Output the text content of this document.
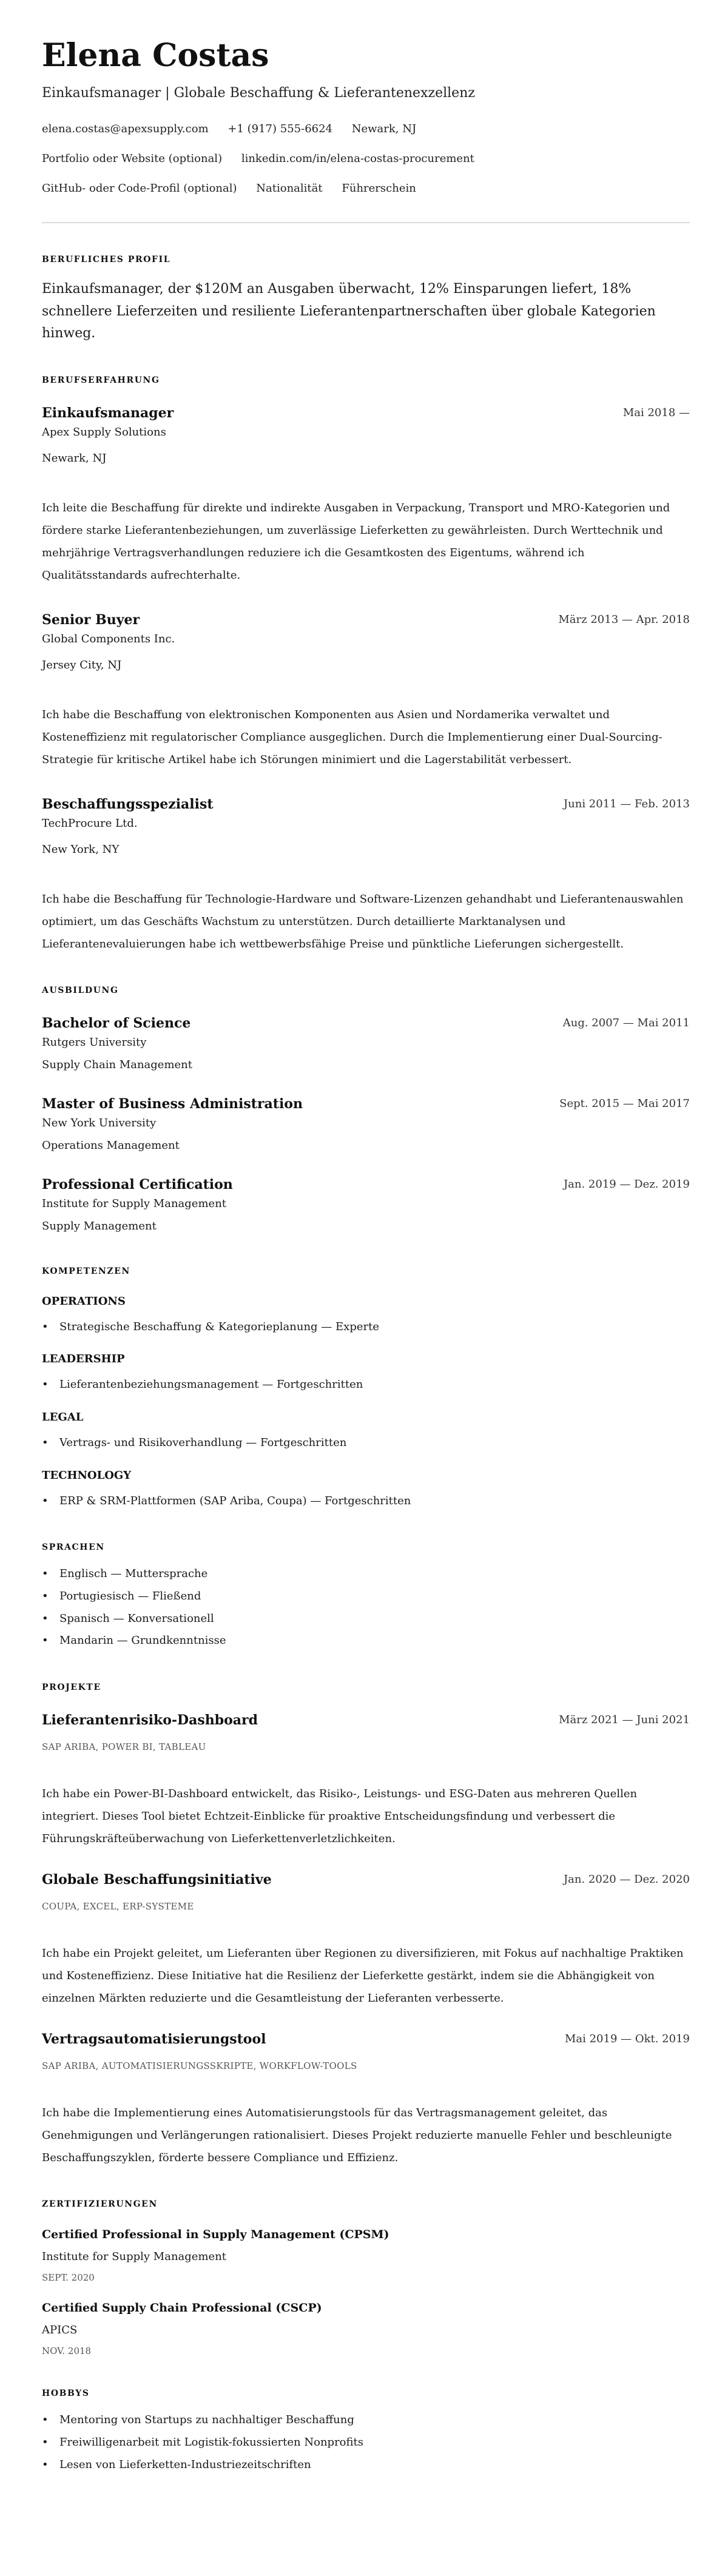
Elena Costas
Einkaufsmanager | Globale Beschaffung & Lieferantenexzellenz
elena.costas@apexsupply.com +1 (917) 555-6624 Newark, NJ
Portfolio oder Website (optional) linkedin.com/in/elena-costas-procurement
GitHub- oder Code-Profil (optional) Nationalität Führerschein
BERUFLICHES PROFIL

Einkaufsmanager, der $120M an Ausgaben überwacht, 12% Einsparungen liefert, 18% schnellere Lieferzeiten und resiliente Lieferantenpartnerschaften über globale Kategorien hinweg.

BERUFSERFAHRUNG
Einkaufsmanager	Mai 2018 —
Apex Supply Solutions
Newark, NJ
Ich leite die Beschaffung für direkte und indirekte Ausgaben in Verpackung, Transport und MRO-Kategorien und fördere starke Lieferantenbeziehungen, um zuverlässige Lieferketten zu gewährleisten. Durch Werttechnik und mehrjährige Vertragsverhandlungen reduziere ich die Gesamtkosten des Eigentums, während ich Qualitätsstandards aufrechterhalte.
Senior Buyer	März 2013 — Apr. 2018
Global Components Inc.
Jersey City, NJ
Ich habe die Beschaffung von elektronischen Komponenten aus Asien und Nordamerika verwaltet und Kosteneffizienz mit regulatorischer Compliance ausgeglichen. Durch die Implementierung einer Dual-Sourcing-Strategie für kritische Artikel habe ich Störungen minimiert und die Lagerstabilität verbessert.
Beschaffungsspezialist	Juni 2011 — Feb. 2013
TechProcure Ltd.
New York, NY
Ich habe die Beschaffung für Technologie-Hardware und Software-Lizenzen gehandhabt und Lieferantenauswahlen optimiert, um das Geschäfts Wachstum zu unterstützen. Durch detaillierte Marktanalysen und Lieferantenevaluierungen habe ich wettbewerbsfähige Preise und pünktliche Lieferungen sichergestellt.
AUSBILDUNG
Bachelor of Science	Aug. 2007 — Mai 2011
Rutgers University
Supply Chain Management
Master of Business Administration	Sept. 2015 — Mai 2017
New York University
Operations Management
Professional Certification	Jan. 2019 — Dez. 2019
Institute for Supply Management
Supply Management
KOMPETENZEN
OPERATIONS
• Strategische Beschaffung & Kategorieplanung — Experte
LEADERSHIP
• Lieferantenbeziehungsmanagement — Fortgeschritten
LEGAL
• Vertrags- und Risikoverhandlung — Fortgeschritten
TECHNOLOGY
• ERP & SRM-Plattformen (SAP Ariba, Coupa) — Fortgeschritten
SPRACHEN
• Englisch — Muttersprache
• Portugiesisch — Fließend
• Spanisch — Konversationell
• Mandarin — Grundkenntnisse
PROJEKTE
Lieferantenrisiko-Dashboard	März 2021 — Juni 2021
SAP ARIBA, POWER BI, TABLEAU
Ich habe ein Power-BI-Dashboard entwickelt, das Risiko-, Leistungs- und ESG-Daten aus mehreren Quellen integriert. Dieses Tool bietet Echtzeit-Einblicke für proaktive Entscheidungsfindung und verbessert die Führungskräfteüberwachung von Lieferkettenverletzlichkeiten.
Globale Beschaffungsinitiative	Jan. 2020 — Dez. 2020
COUPA, EXCEL, ERP-SYSTEME
Ich habe ein Projekt geleitet, um Lieferanten über Regionen zu diversifizieren, mit Fokus auf nachhaltige Praktiken und Kosteneffizienz. Diese Initiative hat die Resilienz der Lieferkette gestärkt, indem sie die Abhängigkeit von einzelnen Märkten reduzierte und die Gesamtleistung der Lieferanten verbesserte.
Vertragsautomatisierungstool	Mai 2019 — Okt. 2019
SAP ARIBA, AUTOMATISIERUNGSSKRIPTE, WORKFLOW-TOOLS
Ich habe die Implementierung eines Automatisierungstools für das Vertragsmanagement geleitet, das Genehmigungen und Verlängerungen rationalisiert. Dieses Projekt reduzierte manuelle Fehler und beschleunigte Beschaffungszyklen, förderte bessere Compliance und Effizienz.
ZERTIFIZIERUNGEN
Certified Professional in Supply Management (CPSM)
Institute for Supply Management
SEPT. 2020
Certified Supply Chain Professional (CSCP)
APICS
NOV. 2018
HOBBYS
• Mentoring von Startups zu nachhaltiger Beschaffung
• Freiwilligenarbeit mit Logistik-fokussierten Nonprofits
• Lesen von Lieferketten-Industriezeitschriften
